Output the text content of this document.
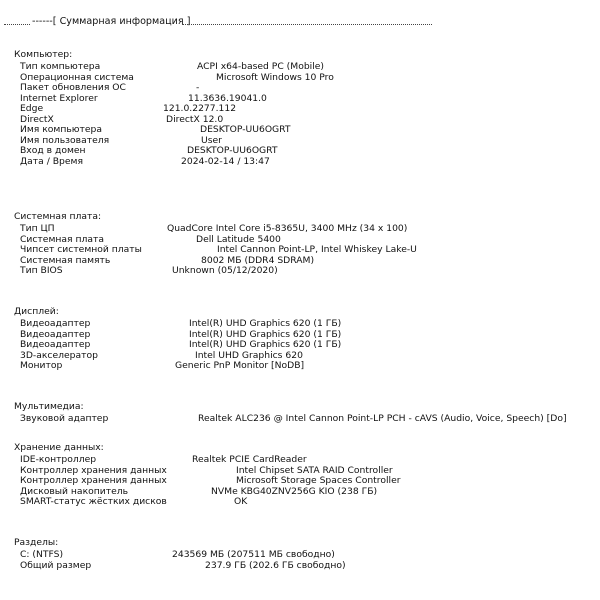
------[ Суммарная информация ]
Компьютер:
Тип компьютера	ACPI x64-based PC (Mobile)
Операционная система	Microsoft Windows 10 Pro
Пакет обновления ОС	-
Internet Explorer	11.3636.19041.0
Edge	121.0.2277.112
DirectX	DirectX 12.0
Имя компьютера	DESKTOP-UU6OGRT
Имя пользователя	User
Вход в домен	DESKTOP-UU6OGRT
Дата / Время	2024-02-14 / 13:47
Системная плата:
Тип ЦП	QuadCore Intel Core i5-8365U, 3400 MHz (34 x 100)
Системная плата	Dell Latitude 5400
Чипсет системной платы	Intel Cannon Point-LP, Intel Whiskey Lake-U
Системная память	8002 МБ (DDR4 SDRAM)
Тип BIOS	Unknown (05/12/2020)
Дисплей:
Видеоадаптер	Intel(R) UHD Graphics 620 (1 ГБ)
Видеоадаптер	Intel(R) UHD Graphics 620 (1 ГБ)
Видеоадаптер	Intel(R) UHD Graphics 620 (1 ГБ)
3D-акселератор	Intel UHD Graphics 620
Монитор	Generic PnP Monitor [NoDB]
Мультимедиа:
Звуковой адаптер	Realtek ALC236 @ Intel Cannon Point-LP PCH - cAVS (Audio, Voice, Speech) [Do]
Хранение данных:
IDE-контроллер	Realtek PCIE CardReader
Контроллер хранения данных	Intel Chipset SATA RAID Controller
Контроллер хранения данных	Microsoft Storage Spaces Controller
Дисковый накопитель	NVMe KBG40ZNV256G KIO (238 ГБ)
SMART-статус жёстких дисков	OK
Разделы:
C: (NTFS)	243569 МБ (207511 МБ свободно)
Общий размер	237.9 ГБ (202.6 ГБ свободно)
